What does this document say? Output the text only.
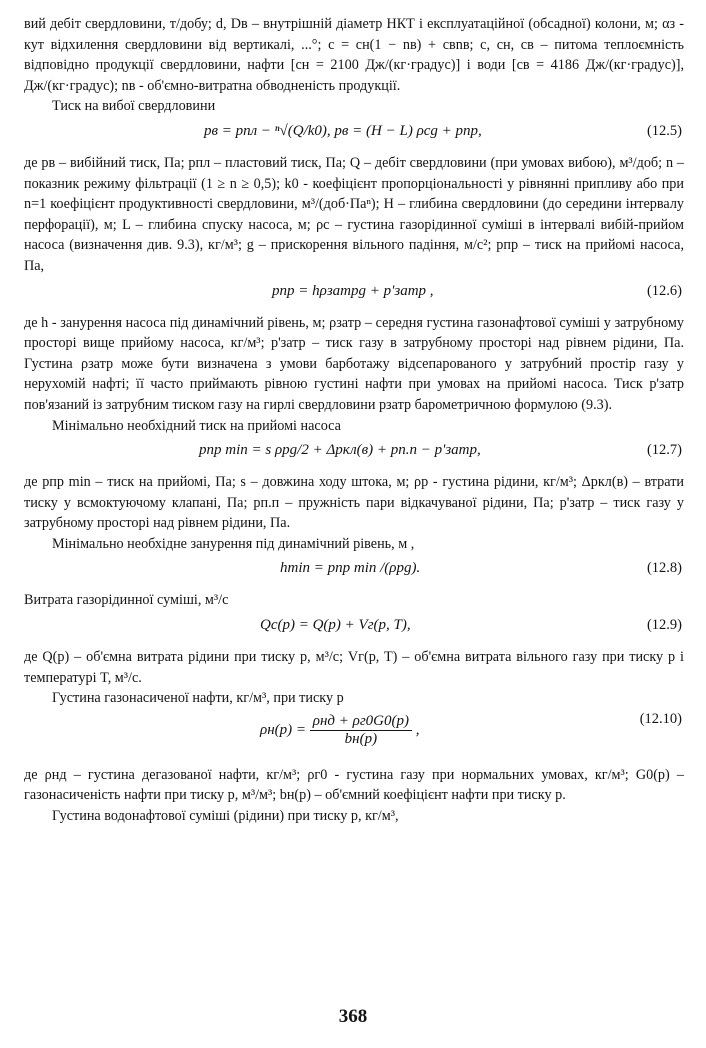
вий дебіт свердловини, т/добу; d, Dв – внутрішній діаметр НКТ і експлуатаційної (обсадної) колони, м; αз - кут відхилення свердловини від вертикалі, ...°; c = cн(1 − nв) + cвnв; c, cн, cв – питома теплоємність відповідно продукції свердловини, нафти [cн = 2100 Дж/(кг·градус)] і води [cв = 4186 Дж/(кг·градус)], Дж/(кг·градус); nв - об'ємно-витратна обводненість продукції.

Тиск на вибої свердловини

pв = pпл − ⁿ√(Q/k0), pв = (H − L) ρсg + pпр,	(12.5)

де pв – вибійний тиск, Па; pпл – пластовий тиск, Па; Q – дебіт свердловини (при умовах вибою), м³/доб; n – показник режиму фільтрації (1 ≥ n ≥ 0,5); k0 - коефіцієнт пропорціональності у рівнянні припливу або при n=1 коефіцієнт продуктивності свердловини, м³/(доб·Паⁿ); H – глибина свердловини (до середини інтервалу перфорації), м; L – глибина спуску насоса, м; ρс – густина газорідинної суміші в інтервалі вибій-прийом насоса (визначення див. 9.3), кг/м³; g – прискорення вільного падіння, м/с²; pпр – тиск на прийомі насоса, Па,

pпр = hρзатрg + p'затр ,	(12.6)

де h - занурення насоса під динамічний рівень, м; ρзатр – середня густина газонафтової суміші у затрубному просторі вище прийому насоса, кг/м³; p'затр – тиск газу в затрубному просторі над рівнем рідини, Па. Густина ρзатр може бути визначена з умови барботажу відсепарованого у затрубний простір газу у нерухомій нафті; її часто приймають рівною густині нафти при умовах на прийомі насоса. Тиск p'затр пов'язаний із затрубним тиском газу на гирлі свердловини pзатр барометричною формулою (9.3).

Мінімально необхідний тиск на прийомі насоса

pпр min = s ρрg/2 + Δpкл(в) + pп.п − p'затр,	(12.7)

де pпр min – тиск на прийомі, Па; s – довжина ходу штока, м; ρр - густина рідини, кг/м³; Δpкл(в) – втрати тиску у всмоктуючому клапані, Па; pп.п – пружність пари відкачуваної рідини, Па; p'затр – тиск газу у затрубному просторі над рівнем рідини, Па.

Мінімально необхідне занурення під динамічний рівень, м ,

hmin = pпр min /(ρрg).	(12.8)

Витрата газорідинної суміші, м³/с

Qс(p) = Q(p) + Vг(p, T),	(12.9)

де Q(p) – об'ємна витрата рідини при тиску p, м³/с; Vг(p, T) – об'ємна витрата вільного газу при тиску p і температурі T, м³/с.

Густина газонасиченої нафти, кг/м³, при тиску p

$\rho н(p) = \frac{\text{ρнд + ρг0G0(p)}}{bн(p)}$ ,
(12.10)

де ρнд – густина дегазованої нафти, кг/м³; ρг0 - густина газу при нормальних умовах, кг/м³; G0(p) – газонасиченість нафти при тиску p, м³/м³; bн(p) – об'ємний коефіцієнт нафти при тиску p.

Густина водонафтової суміші (рідини) при тиску p, кг/м³,

368
